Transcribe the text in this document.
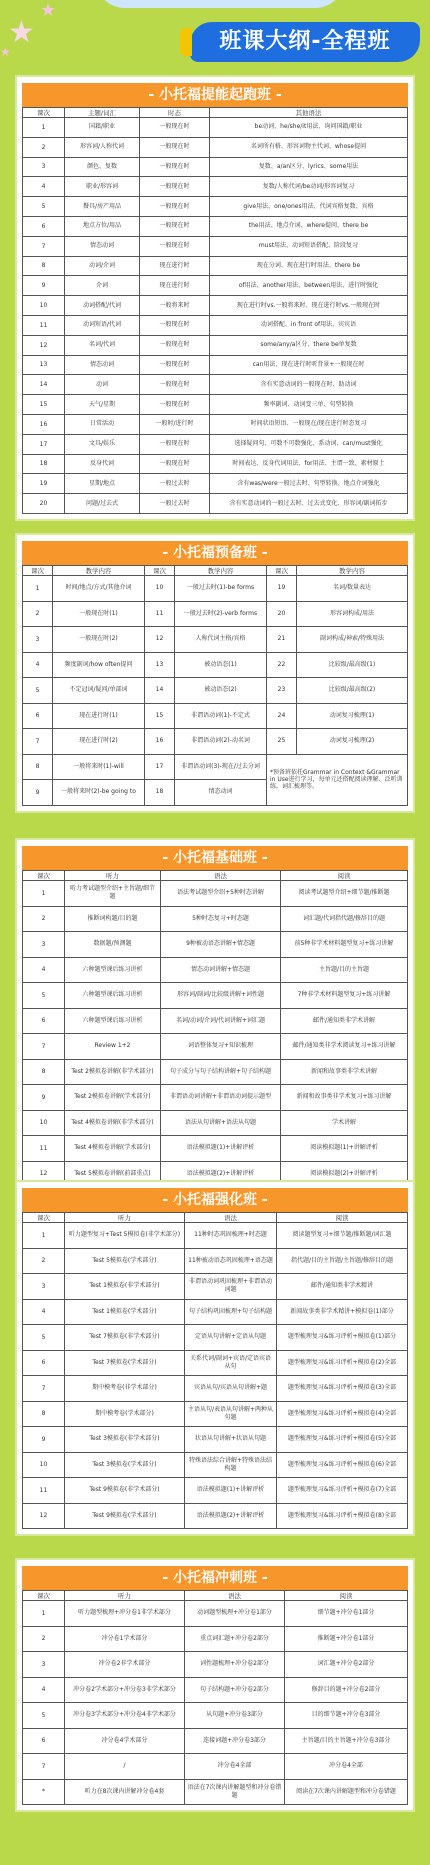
★
★
★	班课大纲-全程班
- 小托福提能起跑班 -
课次	主题/词汇	时态	其他语法
1	国籍/职业	一般现在时	be动词、he/she/it用法、询问国籍/职业
2	形容词/人称代词	一般现在时	名词所有格、形容词物主代词、whose提问
3	颜色、复数	一般现在时	复数、a/an区分、lyrics、some用法
4	职业/形容词	一般现在时	复数/人称代词/be动词/形容词复习
5	餐具/房产用品	一般现在时	give用法、one/ones用法、代词宾格复数、宾格
6	地点方位/用品	一般现在时	the用法、地点介词、where提问、there be
7	情态动词	一般现在时	must用法、动词短语搭配、阶段复习
8	动词/介词	现在进行时	现在分词、现在进行时用法、there be
9	介词	现在进行时	of用法、another用法、between用法、进行时强化
10	动词搭配/代词	一般将来时	现在进行时vs.一般将来时、现在进行时vs.一般现在时
11	动词短语/代词	一般现在时	动词搭配、in front of用法、宾宾语
12	名词/代词	一般现在时	some/any/a区分、there be单复数
13	情态动词	一般现在时	can用法、现在进行时听背景+一般现在时
14	动词	一般现在时	含有实意动词的一般现在时、助动词
15	天气/星期	一般现在时	频率副词、动词变三单、句型转换
16	日常活动	一般时/进行时	时间状语短语、一般现在/现在进行时态复习
17	文具/娱乐	一般现在时	选择疑问句、可数不可数强化、系动词、can/must强化
18	反身代词	一般现在时	时间表达、反身代词用法、for用法、主谓一致、素材原土
19	星期/地点	一般过去时	含有was/were一般过去时、句型转换、地点介词强化
20	问题/过去式	一般过去时	含有实意动词的一般过去时、过去式变化、形容词/副词拓步
- 小托福预备班 -
课次	教学内容	课次	教学内容	课次	教学内容
1	时间/地点/方式/其他介词	10	一般过去时(1)-be forms	19	名词/数量表达
2	一般现在时(1)	11	一般过去时(2)-verb forms	20	形容词构成/用法
3	一般现在时(2)	12	人称代词主格/宾格	21	副词构成/神索/特殊用法
4	频度副词/how often提问	13	被动语态(1)	22	比较级/最高级(1)
5	不定冠词/疑问/单部词	14	被动语态(2)	23	比较级/最高级(2)
6	现在进行时(1)	15	非谓语动词(1)-不定式	24	动词复习梳理(1)
7	现在进行时(2)	16	非谓语动词(2)-动名词	25	动词复习梳理(2)
8	一般将来时(1)-will	17	非谓语动词(3)-现在/过去分词	*预备班依托Grammar in Context &Grammar in Use进行学习，每单元还搭配阅读理解、泛听训练，词汇梳理等。	
9	一般将来时(2)-be going to	18	情态动词		
- 小托福基础班 -
课次	听力	语法	阅读
1	听力考试题型介绍+主旨题/细节题	语法考试题型介绍+5种时态讲解	阅读考试题型介绍+细节题/推断题
2	推断词构题/目的题	5种时态复习+时态题	词汇题/代词指代题/修辞目的题
3	数据题/预测题	9种被动语态讲解+情态题	前5种非学术材料题型复习+练习讲解
4	六种题型课后练习讲析	情态动词讲解+情态题	主旨题/目的主旨题
5	六种题型课后练习讲析	形容词/副词/比较级讲解+词性题	7种非学术材料题型复习+练习讲解
6	六种题型课后练习讲析	名词/动词/介词/代词讲解+词汇题	邮件/通知类非学术讲解
7	Review 1+2	词语整体复习+知识梳理	邮件/通知类非学术阅读复习+练习讲解
8	Test 2模拟卷讲解(非学术部分)	句子成分与句子结构讲解+句子结构题	新闻和故事类非学术讲解
9	Test 2模拟卷讲解(学术部分)	非谓语动词讲解+非谓语动词提示题型	新闻和故事类非学术复习+练习讲解
10	Test 4模拟卷讲解(非学术部分)	语法从句讲解+语法从句题	学术讲解
11	Test 4模拟卷讲解(学术部分)	语法模拟题(1)+讲解评析	阅读模拟题(1)+讲解评析
12	Test 5模拟卷讲解(前部重点)	语法模拟题(2)+讲解评析	阅读模拟题(2)+讲解评析
- 小托福强化班 -
课次	听力	语法	阅读
1	听力题型复习+Test 5模拟卷(非学术部分)	11种时态巩固梳理+时态题	阅读题型复习+细节题/推断题/词汇题
2	Test 5模拟卷(学术部分)	11种被动语态巩固梳理+语态题	指代题/目的主旨题/主旨题/修辞目的题
3	Test 1模拟卷(非学术部分)	非谓语动词巩固梳理+非谓语动词题	邮件/通知类非学术精讲
4	Test 1模拟卷(学术部分)	句子结构巩固梳理+句子结构题	新闻故事类非学术精讲+模拟卷(1)部分
5	Test 7模拟卷(非学术部分)	定语从句讲解+定语从句题	题型梳理复习&练习评析+模拟卷(1)部分
6	Test 7模拟卷(学术部分)	关系代词/副词+宾语/定语宾语从句	题型梳理复习&练习评析+模拟卷(2)全部
7	期中模考卷(非学术部分)	宾语从句/宾语从句讲解+题	题型梳理复习&练习评析+模拟卷(3)全部
8	期中模考卷(学术部分)	主语从句/表语从句讲解+两种从句题	题型梳理复习&练习评析+模拟卷(4)全部
9	Test 3模拟卷(非学术部分)	状语从句讲解+状语从句题	题型梳理复习&练习评析+模拟卷(5)全部
10	Test 3模拟卷(学术部分)	特殊语法综合讲解+特殊语法结构题	题型梳理复习&练习评析+模拟卷(6)全部
11	Test 9模拟卷(非学术部分)	语法模拟题(1)+讲解评析	题型梳理复习&练习评析+模拟卷(7)全部
12	Test 9模拟卷(学术部分)	语法模拟题(2)+讲解评析	题型梳理复习&练习评析+模拟卷(8)全部
- 小托福冲刺班 -
课次	听力	语法	阅读
1	听力题型梳理+冲分卷1非学术部分	动词题型梳理+冲分卷1部分	细节题+冲分卷1部分
2	冲分卷1学术部分	重点词汇题+冲分卷2部分	推断题+冲分卷1部分
3	冲分卷2非学术部分	词性题梳理+冲分卷2部分	词汇题+冲分卷2部分
4	冲分卷2学术部分+冲分卷3非学术部分	句子结构题+冲分卷2部分	修辞目的题+冲分卷2部分
5	冲分卷3学术部分+冲分卷4非学术部分	从句题+冲分卷3部分	目的细节题+冲分卷3部分
6	冲分卷4学术部分	连接词题+冲分卷3部分	主旨题/目的主旨题+冲分卷3部分
7	/	冲分卷4全部	冲分卷4全部
*	听力在8次课内讲解冲分卷4套	语法在7次课内讲解题型和冲分卷错题	阅读在7次课内讲解题型和冲分卷错题
